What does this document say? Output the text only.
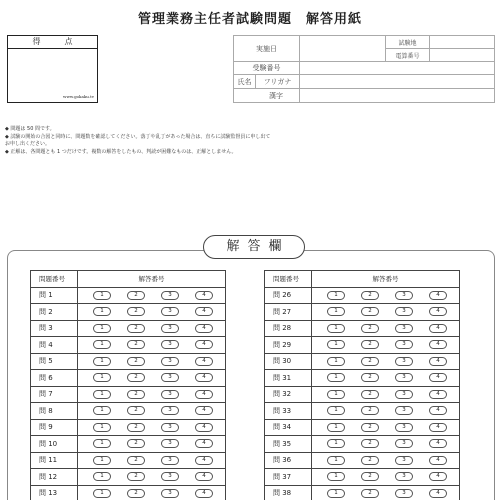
管理業務主任者試験問題　解答用紙
得　点
www.gokaku.tv
実施日		試験地	
		電算番号	
受験番号			

氏名 フリガナ			

漢字			

◆ 問題は 50 問です。

◆ 試験の開始の合図と同時に、問題数を確認してください。落丁や乱丁があった場合は、直ちに試験監督員に申し出てお申し出ください。

◆ 正解は、各問題とも 1 つだけです。複数の解答をしたもの、判読が困難なものは、正解としません。

解答欄
問題番号	解答番号
問 1	1 2 3 4

問 2	1 2 3 4

問 3	1 2 3 4

問 4	1 2 3 4

問 5	1 2 3 4

問 6	1 2 3 4

問 7	1 2 3 4

問 8	1 2 3 4

問 9	1 2 3 4

問 10	1 2 3 4

問 11	1 2 3 4

問 12	1 2 3 4

問 13	1 2 3 4
問題番号	解答番号
問 26	1 2 3 4

問 27	1 2 3 4

問 28	1 2 3 4

問 29	1 2 3 4

問 30	1 2 3 4

問 31	1 2 3 4

問 32	1 2 3 4

問 33	1 2 3 4

問 34	1 2 3 4

問 35	1 2 3 4

問 36	1 2 3 4

問 37	1 2 3 4

問 38	1 2 3 4
